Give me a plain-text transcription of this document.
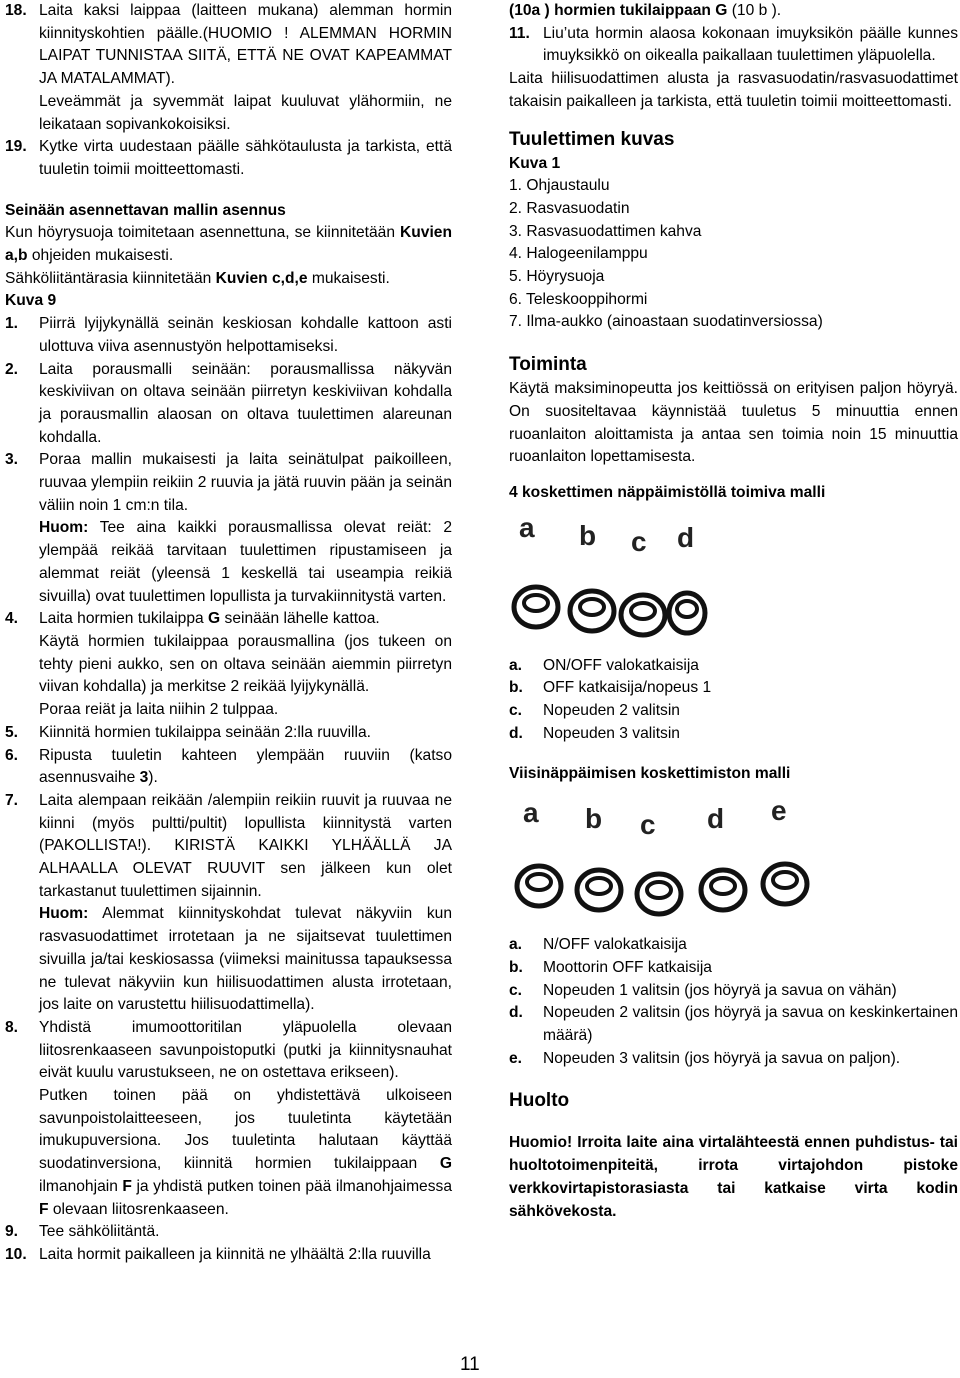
18. Laita kaksi laippaa (laitteen mukana) alemman hormin kiinnityskohtien päälle.(HUOMIO ! ALEMMAN HORMIN LAIPAT TUNNISTAA SIITÄ, ETTÄ NE OVAT KAPEAMMAT JA MATALAMMAT).
Leveämmät ja syvemmät laipat kuuluvat ylähormiin, ne leikataan sopivankokoisiksi.
19. Kytke virta uudestaan päälle sähkötaulusta ja tarkista, että tuuletin toimii moitteettomasti.
Seinään asennettavan mallin asennus
Kun höyrysuoja toimitetaan asennettuna, se kiinnitetään Kuvien a,b ohjeiden mukaisesti.
Sähköliitäntärasia kiinnitetään Kuvien c,d,e mukaisesti.
Kuva 9
1.	Piirrä lyijykynällä seinän keskiosan kohdalle kattoon asti ulottuva viiva asennustyön helpottamiseksi.
2.	Laita porausmalli seinään: porausmallissa näkyvän keskiviivan on oltava seinään piirretyn keskiviivan kohdalla ja porausmallin alaosan on oltava tuulettimen alareunan kohdalla.
3.	Poraa mallin mukaisesti ja laita seinätulpat paikoilleen, ruuvaa ylempiin reikiin 2 ruuvia ja jätä ruuvin pään ja seinän väliin noin 1 cm:n tila.
Huom: Tee aina kaikki porausmallissa olevat reiät: 2 ylempää reikää tarvitaan tuulettimen ripustamiseen ja alemmat reiät (yleensä 1 keskellä tai useampia reikiä sivuilla) ovat tuulettimen lopullista ja turvakiinnitystä varten.
4.	Laita hormien tukilaippa G seinään lähelle kattoa.
Käytä hormien tukilaippaa porausmallina (jos tukeen on tehty pieni aukko, sen on oltava seinään aiemmin piirretyn viivan kohdalla) ja merkitse 2 reikää lyijykynällä.
Poraa reiät ja laita niihin 2 tulppaa.
5.	Kiinnitä hormien tukilaippa seinään 2:lla ruuvilla.
6.	Ripusta tuuletin kahteen ylempään ruuviin (katso asennusvaihe 3).
7.	Laita alempaan reikään /alempiin reikiin ruuvit ja ruuvaa ne kiinni (myös pultti/pultit) lopullista kiinnitystä varten (PAKOLLISTA!). KIRISTÄ KAIKKI YLHÄÄLLÄ JA ALHAALLA OLEVAT RUUVIT sen jälkeen kun olet tarkastanut tuulettimen sijainnin.
Huom: Alemmat kiinnityskohdat tulevat näkyviin kun rasvasuodattimet irrotetaan ja ne sijaitsevat tuulettimen sivuilla ja/tai keskiosassa (viimeksi mainitussa tapauksessa ne tulevat näkyviin kun hiilisuodattimen alusta irrotetaan, jos laite on varustettu hiilisuodattimella).
8.	Yhdistä imumoottoritilan yläpuolella olevaan liitosrenkaaseen savunpoistoputki (putki ja kiinnitysnauhat eivät kuulu varustukseen, ne on ostettava erikseen).
Putken toinen pää on yhdistettävä ulkoiseen savunpoistolaitteeseen, jos tuuletinta käytetään imukupuversiona. Jos tuuletinta halutaan käyttää suodatinversiona, kiinnitä hormien tukilaippaan G ilmanohjain F ja yhdistä putken toinen pää ilmanohjaimessa F olevaan liitosrenkaaseen.
9.	Tee sähköliitäntä.
10. Laita hormit paikalleen ja kiinnitä ne ylhäältä 2:lla ruuvilla
(10a ) hormien tukilaippaan G (10 b ).
11. Liu’uta hormin alaosa kokonaan imuyksikön päälle kunnes imuyksikkö on oikealla paikallaan tuulettimen yläpuolella.
Laita hiilisuodattimen alusta ja rasvasuodatin/rasvasuodattimet takaisin paikalleen ja tarkista, että tuuletin toimii moitteettomasti.
Tuulettimen kuvas
Kuva 1
1. Ohjaustaulu
2. Rasvasuodatin
3. Rasvasuodattimen kahva
4. Halogeenilamppu
5. Höyrysuoja
6. Teleskooppihormi
7. Ilma-aukko (ainoastaan suodatinversiossa)
Toiminta
Käytä maksiminopeutta jos keittiössä on erityisen paljon höyryä. On suositeltavaa käynnistää tuuletus 5 minuuttia ennen ruoanlaiton aloittamista ja antaa sen toimia noin 15 minuuttia ruoanlaiton lopettamisesta.
4 koskettimen näppäimistöllä toimiva malli
a b c d
a.	ON/OFF valokatkaisija
b.	OFF katkaisija/nopeus 1
c.	Nopeuden 2 valitsin
d.	Nopeuden 3 valitsin
Viisinäppäimisen koskettimiston malli
a b c d e
a.	N/OFF valokatkaisija
b.	Moottorin OFF katkaisija
c.	Nopeuden 1 valitsin (jos höyryä ja savua on vähän)
d.	Nopeuden 2 valitsin (jos höyryä ja savua on keskinkertainen määrä)
e.	Nopeuden 3 valitsin (jos höyryä ja savua on paljon).
Huolto
Huomio! Irroita laite aina virtalähteestä ennen puhdistus- tai huoltotoimenpiteitä, irrota virtajohdon pistoke verkkovirtapistorasiasta tai katkaise virta kodin sähkövekosta.
11
